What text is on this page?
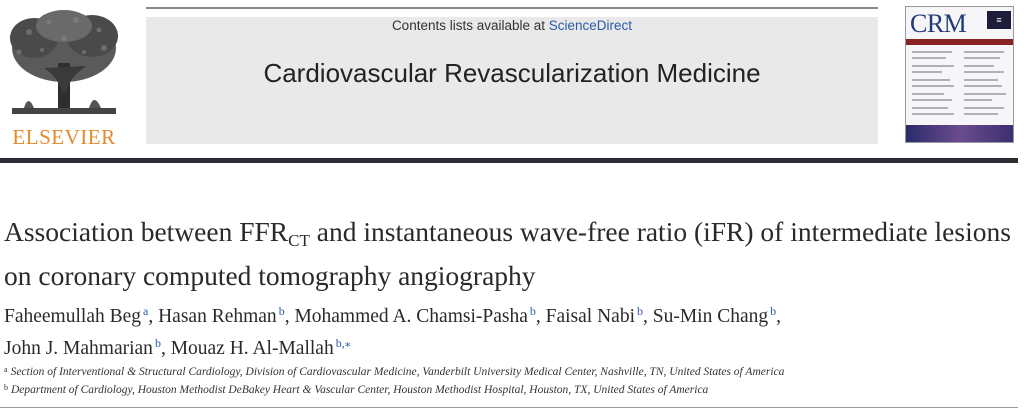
ELSEVIER
Contents lists available at ScienceDirect
Cardiovascular Revascularization Medicine
CRM	≡
Association between $FFR_{CT}$ and instantaneous wave-free ratio (iFR) of intermediate lesions on coronary computed tomography angiography
Faheemullah Beg $^a$, Hasan Rehman $^b$, Mohammed A. Chamsi-Pasha $^b$, Faisal Nabi $^b$, Su-Min Chang $^b$,
John J. Mahmarian $^b$, Mouaz H. Al-Mallah $^{b,⁎}$
$^a$ Section of Interventional & Structural Cardiology, Division of Cardiovascular Medicine, Vanderbilt University Medical Center, Nashville, TN, United States of America
$^b$ Department of Cardiology, Houston Methodist DeBakey Heart & Vascular Center, Houston Methodist Hospital, Houston, TX, United States of America
